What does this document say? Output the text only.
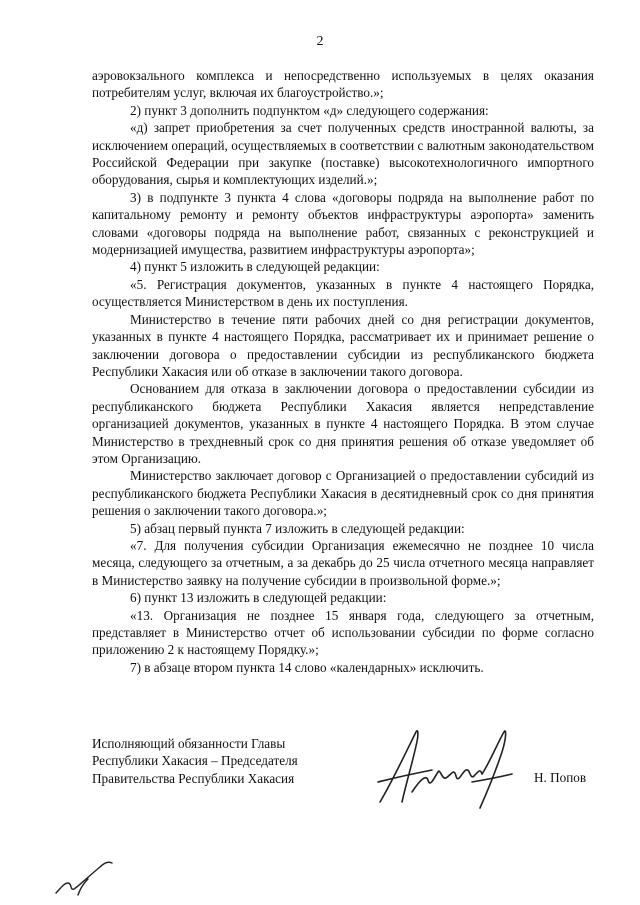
2

аэровокзального комплекса и непосредственно используемых в целях оказания потребителям услуг, включая их благоустройство.»;

2) пункт 3 дополнить подпунктом «д» следующего содержания:

«д) запрет приобретения за счет полученных средств иностранной валюты, за исключением операций, осуществляемых в соответствии с валютным законодательством Российской Федерации при закупке (поставке) высокотехнологичного импортного оборудования, сырья и комплектующих изделий.»;

3) в подпункте 3 пункта 4 слова «договоры подряда на выполнение работ по капитальному ремонту и ремонту объектов инфраструктуры аэропорта» заменить словами «договоры подряда на выполнение работ, связанных с реконструкцией и модернизацией имущества, развитием инфраструктуры аэропорта»;

4) пункт 5 изложить в следующей редакции:

«5. Регистрация документов, указанных в пункте 4 настоящего Порядка, осуществляется Министерством в день их поступления.

Министерство в течение пяти рабочих дней со дня регистрации документов, указанных в пункте 4 настоящего Порядка, рассматривает их и принимает решение о заключении договора о предоставлении субсидии из республиканского бюджета Республики Хакасия или об отказе в заключении такого договора.

Основанием для отказа в заключении договора о предоставлении субсидии из республиканского бюджета Республики Хакасия является непредставление организацией документов, указанных в пункте 4 настоящего Порядка. В этом случае Министерство в трехдневный срок со дня принятия решения об отказе уведомляет об этом Организацию.

Министерство заключает договор с Организацией о предоставлении субсидий из республиканского бюджета Республики Хакасия в десятидневный срок со дня принятия решения о заключении такого договора.»;

5) абзац первый пункта 7 изложить в следующей редакции:

«7. Для получения субсидии Организация ежемесячно не позднее 10 числа месяца, следующего за отчетным, а за декабрь до 25 числа отчетного месяца направляет в Министерство заявку на получение субсидии в произвольной форме.»;

6) пункт 13 изложить в следующей редакции:

«13. Организация не позднее 15 января года, следующего за отчетным, представляет в Министерство отчет об использовании субсидии по форме согласно приложению 2 к настоящему Порядку.»;

7) в абзаце втором пункта 14 слово «календарных» исключить.

Исполняющий обязанности Главы
Республики Хакасия – Председателя
Правительства Республики Хакасия	Н. Попов
